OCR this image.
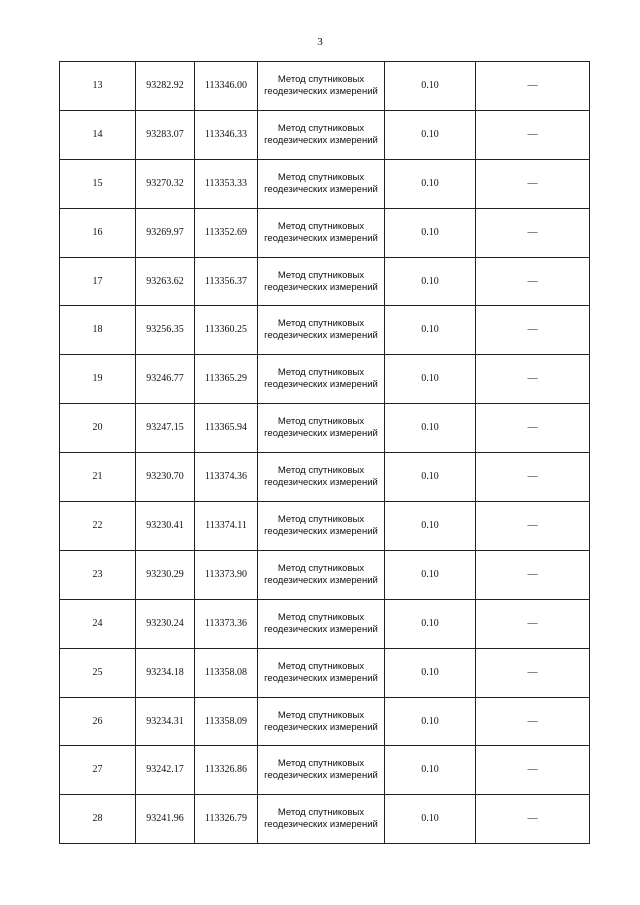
3
13	93282.92	113346.00	Метод спутниковых
геодезических измерений	0.10	—
14	93283.07	113346.33	Метод спутниковых
геодезических измерений	0.10	—
15	93270.32	113353.33	Метод спутниковых
геодезических измерений	0.10	—
16	93269.97	113352.69	Метод спутниковых
геодезических измерений	0.10	—
17	93263.62	113356.37	Метод спутниковых
геодезических измерений	0.10	—
18	93256.35	113360.25	Метод спутниковых
геодезических измерений	0.10	—
19	93246.77	113365.29	Метод спутниковых
геодезических измерений	0.10	—
20	93247.15	113365.94	Метод спутниковых
геодезических измерений	0.10	—
21	93230.70	113374.36	Метод спутниковых
геодезических измерений	0.10	—
22	93230.41	113374.11	Метод спутниковых
геодезических измерений	0.10	—
23	93230.29	113373.90	Метод спутниковых
геодезических измерений	0.10	—
24	93230.24	113373.36	Метод спутниковых
геодезических измерений	0.10	—
25	93234.18	113358.08	Метод спутниковых
геодезических измерений	0.10	—
26	93234.31	113358.09	Метод спутниковых
геодезических измерений	0.10	—
27	93242.17	113326.86	Метод спутниковых
геодезических измерений	0.10	—
28	93241.96	113326.79	Метод спутниковых
геодезических измерений	0.10	—
